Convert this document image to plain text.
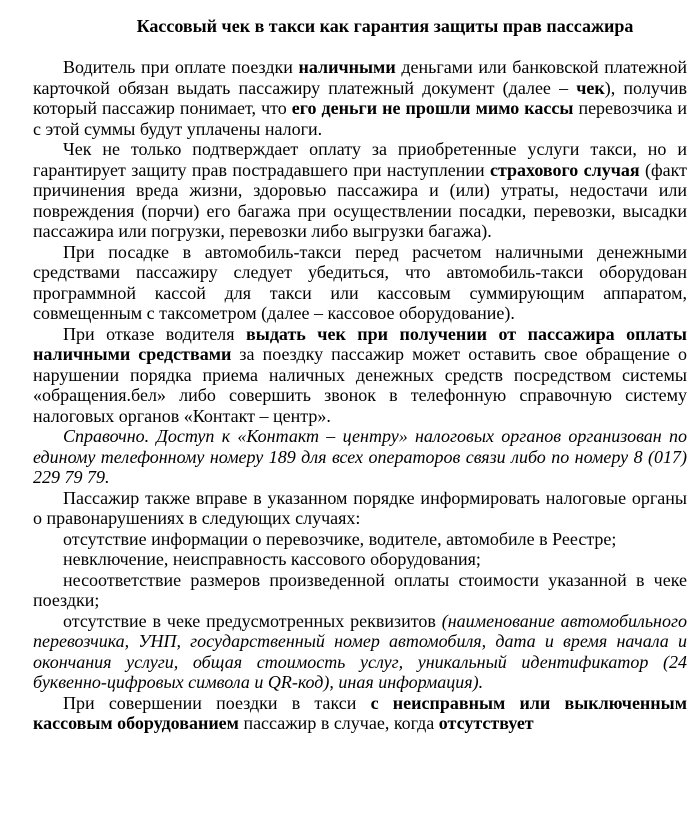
Кассовый чек в такси как гарантия защиты прав пассажира

Водитель при оплате поездки наличными деньгами или банковской платежной карточкой обязан выдать пассажиру платежный документ (далее – чек), получив который пассажир понимает, что его деньги не прошли мимо кассы перевозчика и с этой суммы будут уплачены налоги.

Чек не только подтверждает оплату за приобретенные услуги такси, но и гарантирует защиту прав пострадавшего при наступлении страхового случая (факт причинения вреда жизни, здоровью пассажира и (или) утраты, недостачи или повреждения (порчи) его багажа при осуществлении посадки, перевозки, высадки пассажира или погрузки, перевозки либо выгрузки багажа).

При посадке в автомобиль-такси перед расчетом наличными денежными средствами пассажиру следует убедиться, что автомобиль-такси оборудован программной кассой для такси или кассовым суммирующим аппаратом, совмещенным с таксометром (далее – кассовое оборудование).

При отказе водителя выдать чек при получении от пассажира оплаты наличными средствами за поездку пассажир может оставить свое обращение о нарушении порядка приема наличных денежных средств посредством системы «обращения.бел» либо совершить звонок в телефонную справочную систему налоговых органов «Контакт – центр».

Справочно. Доступ к «Контакт – центру» налоговых органов организован по единому телефонному номеру 189 для всех операторов связи либо по номеру 8 (017) 229 79 79.

Пассажир также вправе в указанном порядке информировать налоговые органы о правонарушениях в следующих случаях:

отсутствие информации о перевозчике, водителе, автомобиле в Реестре;

невключение, неисправность кассового оборудования;

несоответствие размеров произведенной оплаты стоимости указанной в чеке поездки;

отсутствие в чеке предусмотренных реквизитов (наименование автомобильного перевозчика, УНП, государственный номер автомобиля, дата и время начала и окончания услуги, общая стоимость услуг, уникальный идентификатор (24 буквенно-цифровых символа и QR-код), иная информация).

При совершении поездки в такси с неисправным или выключенным кассовым оборудованием пассажир в случае, когда отсутствует
